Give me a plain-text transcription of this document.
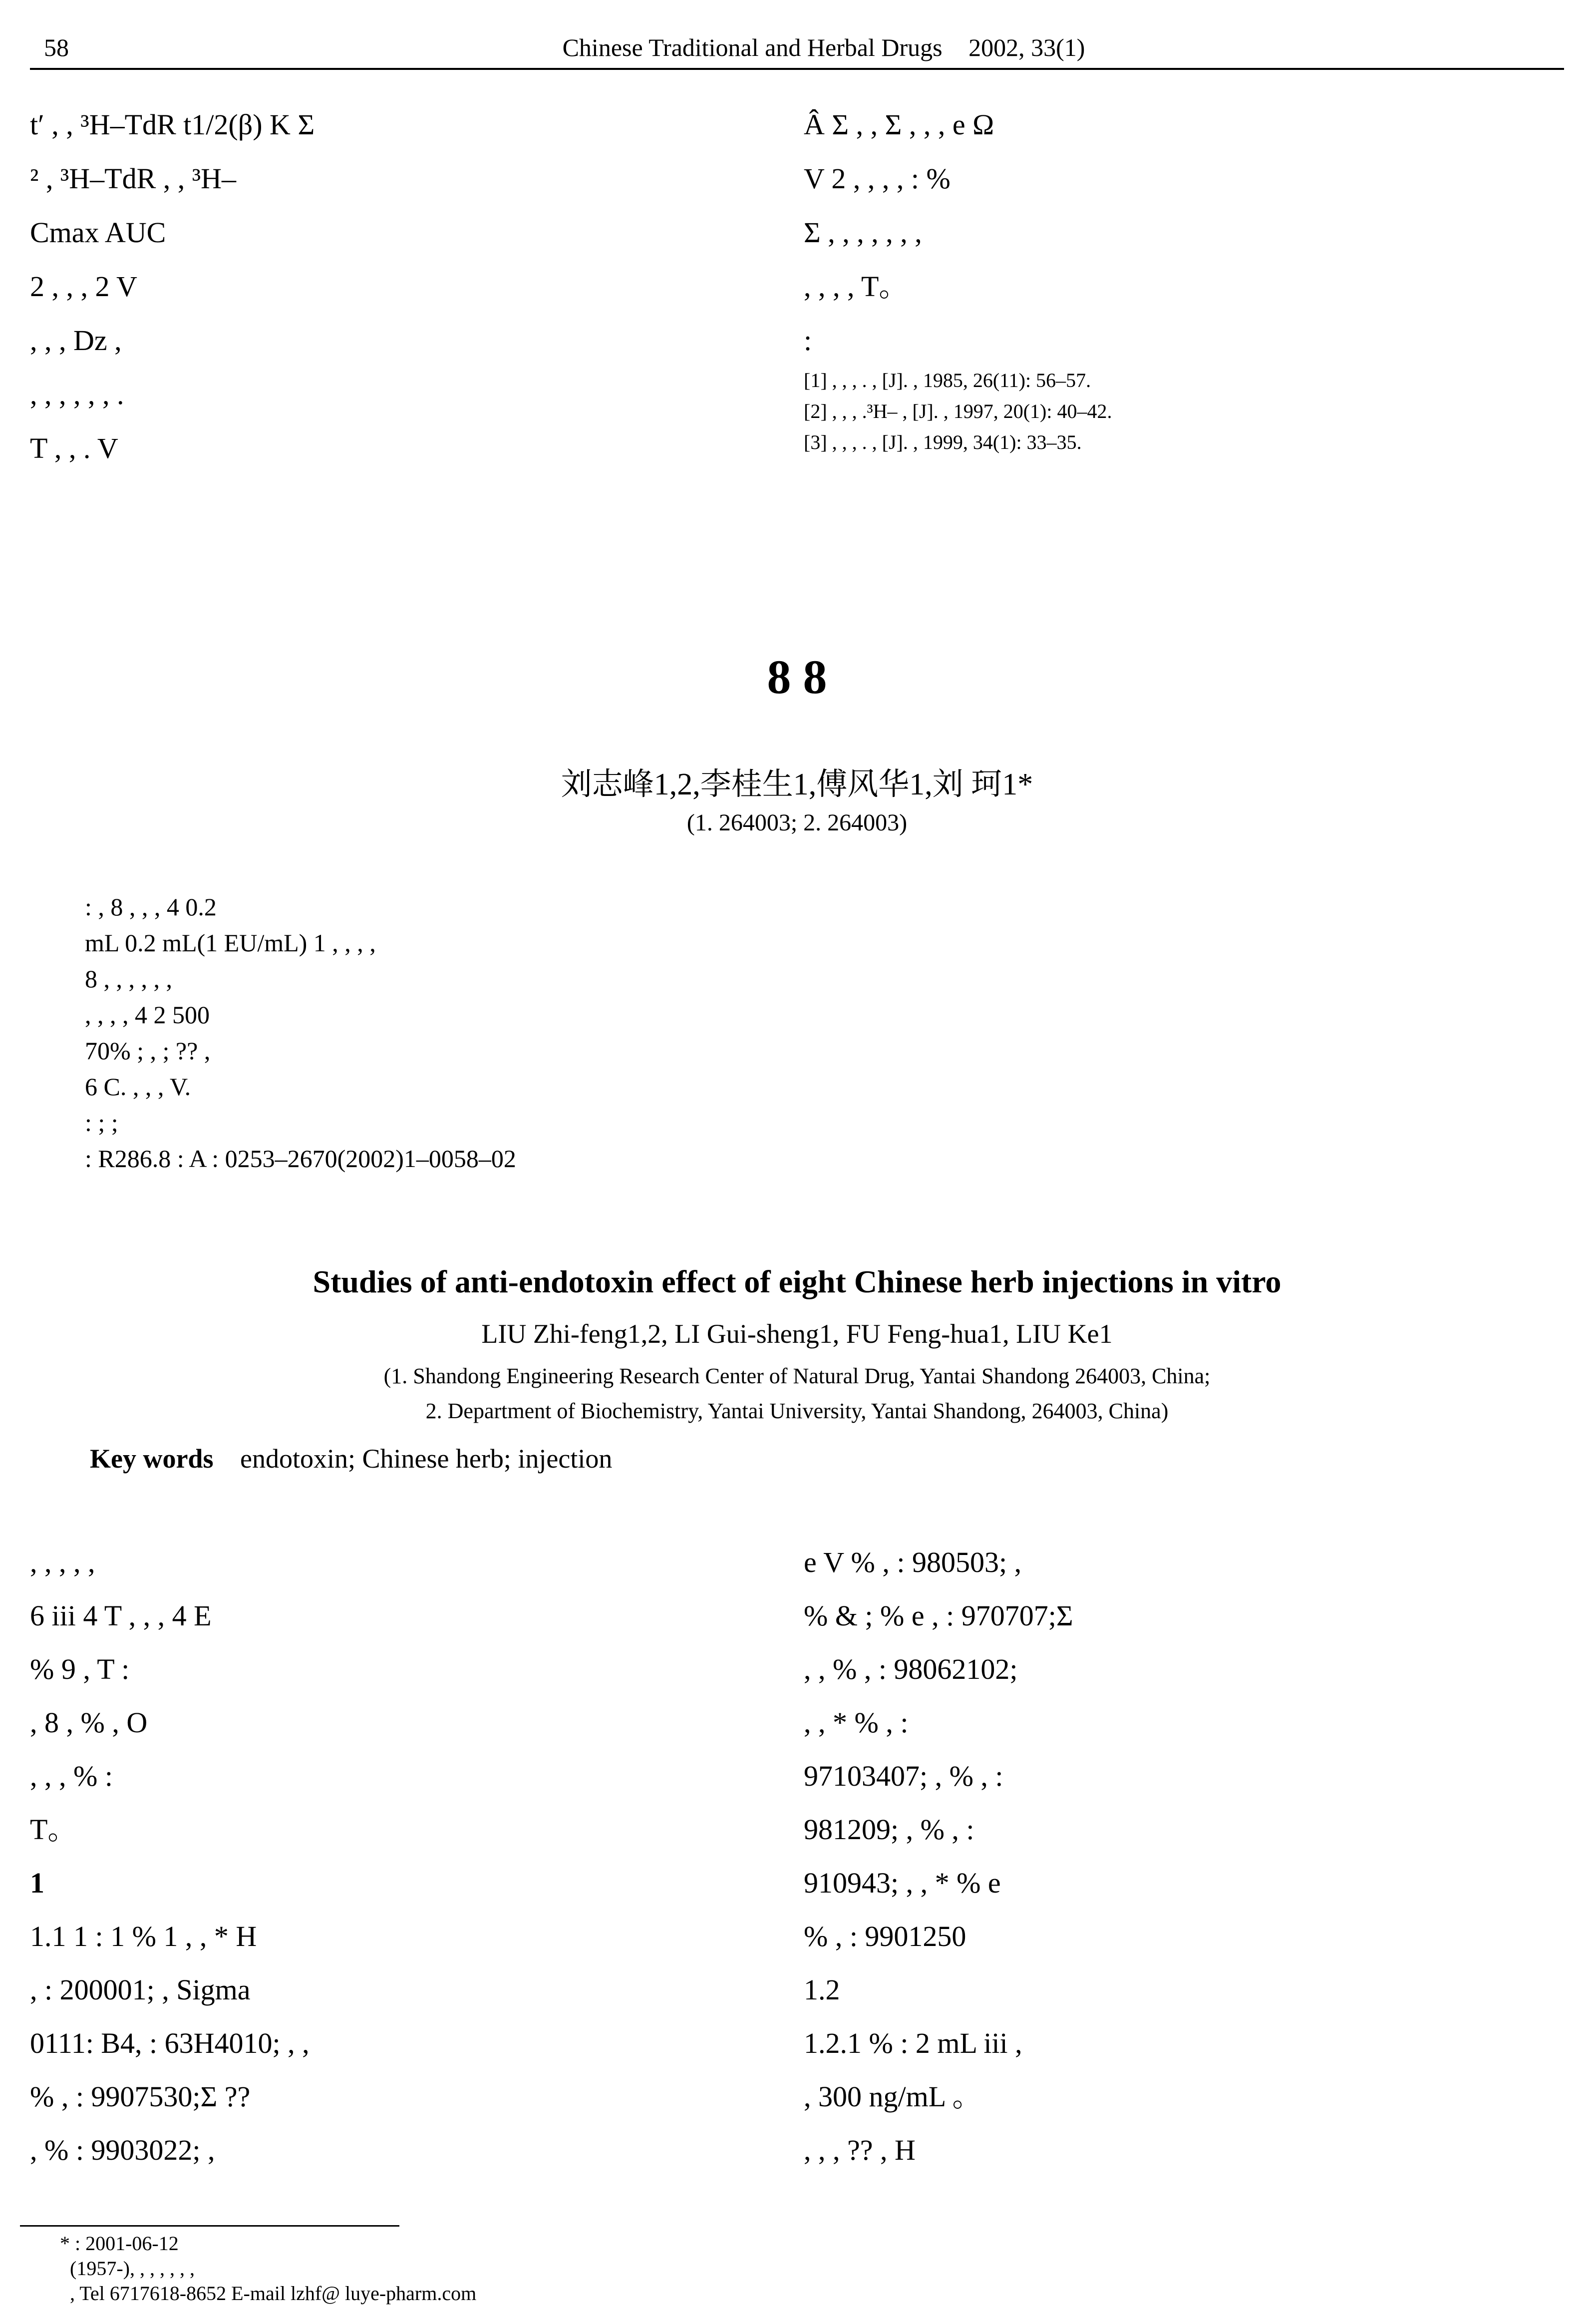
58	Chinese Traditional and Herbal Drugs 2002, 33(1)

tʹ , , ³H–TdR t1/2(β) K Σ

² , ³H–TdR , , ³H–

Cmax AUC

2 , , , 2 V

, , , Dz ,

, , , , , , .

T , , . V

Â Σ , , Σ , , , e Ω

V 2 , , , , : %

Σ , , , , , , ,

, , , , T。

:

[1] , , , . , [J]. , 1985, 26(11): 56–57.

[2] , , , .³H– , [J]. , 1997, 20(1): 40–42.

[3] , , , . , [J]. , 1999, 34(1): 33–35.

8 8
刘志峰1,2,李桂生1,傅风华1,刘 珂1*
(1. 264003; 2. 264003)

: , 8 , , , 4 0.2

mL 0.2 mL(1 EU/mL) 1 , , , ,

8 , , , , , ,

, , , , 4 2 500

70% ; , ; ?? ,

6 C. , , , V.

: ; ;

: R286.8 : A : 0253–2670(2002)1–0058–02

Studies of anti-endotoxin effect of eight Chinese herb injections in vitro
LIU Zhi-feng1,2, LI Gui-sheng1, FU Feng-hua1, LIU Ke1
(1. Shandong Engineering Research Center of Natural Drug, Yantai Shandong 264003, China;
2. Department of Biochemistry, Yantai University, Yantai Shandong, 264003, China)
Key words endotoxin; Chinese herb; injection

, , , , ,

6 iii 4 T , , , 4 E

% 9 , T :

, 8 , % , O

, , , % :

T。

1

1.1 1 : 1 % 1 , , * H

, : 200001; , Sigma

0111: B4, : 63H4010; , ,

% , : 9907530;Σ ??

, % : 9903022; ,

e V % , : 980503; ,

% & ; % e , : 970707;Σ

, , % , : 98062102;

, , * % , :

97103407; , % , :

981209; , % , :

910943; , , * % e

% , : 9901250

1.2

1.2.1 % : 2 mL iii ,

, 300 ng/mL 。

, , , ?? , H

* : 2001-06-12
(1957-), , , , , , ,
, Tel 6717618-8652 E-mail lzhf@ luye-pharm.com
